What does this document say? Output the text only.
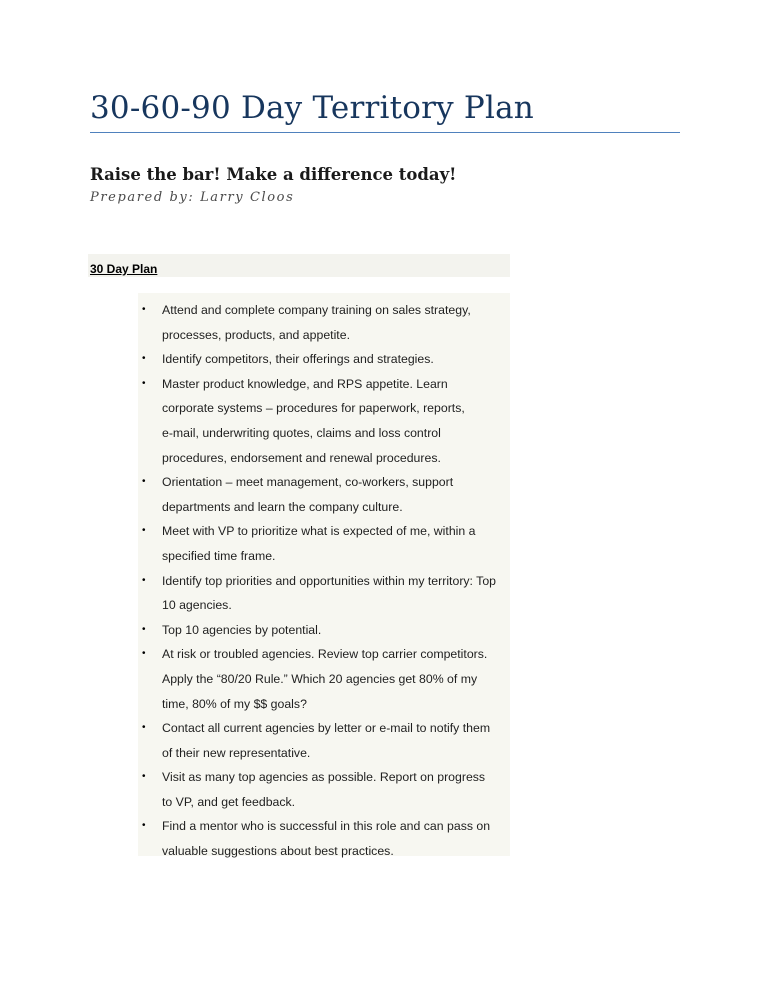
30-60-90 Day Territory Plan
Raise the bar! Make a difference today!
Prepared by: Larry Cloos
30 Day Plan
• Attend and complete company training on sales strategy,
processes, products, and appetite.
• Identify competitors, their offerings and strategies.
• Master product knowledge, and RPS appetite. Learn
corporate systems – procedures for paperwork, reports,
e-mail, underwriting quotes, claims and loss control
procedures, endorsement and renewal procedures.
• Orientation – meet management, co-workers, support
departments and learn the company culture.
• Meet with VP to prioritize what is expected of me, within a
specified time frame.
• Identify top priorities and opportunities within my territory: Top
10 agencies.
• Top 10 agencies by potential.
• At risk or troubled agencies. Review top carrier competitors.
Apply the “80/20 Rule.” Which 20 agencies get 80% of my
time, 80% of my $$ goals?
• Contact all current agencies by letter or e-mail to notify them
of their new representative.
• Visit as many top agencies as possible. Report on progress
to VP, and get feedback.
• Find a mentor who is successful in this role and can pass on
valuable suggestions about best practices.
